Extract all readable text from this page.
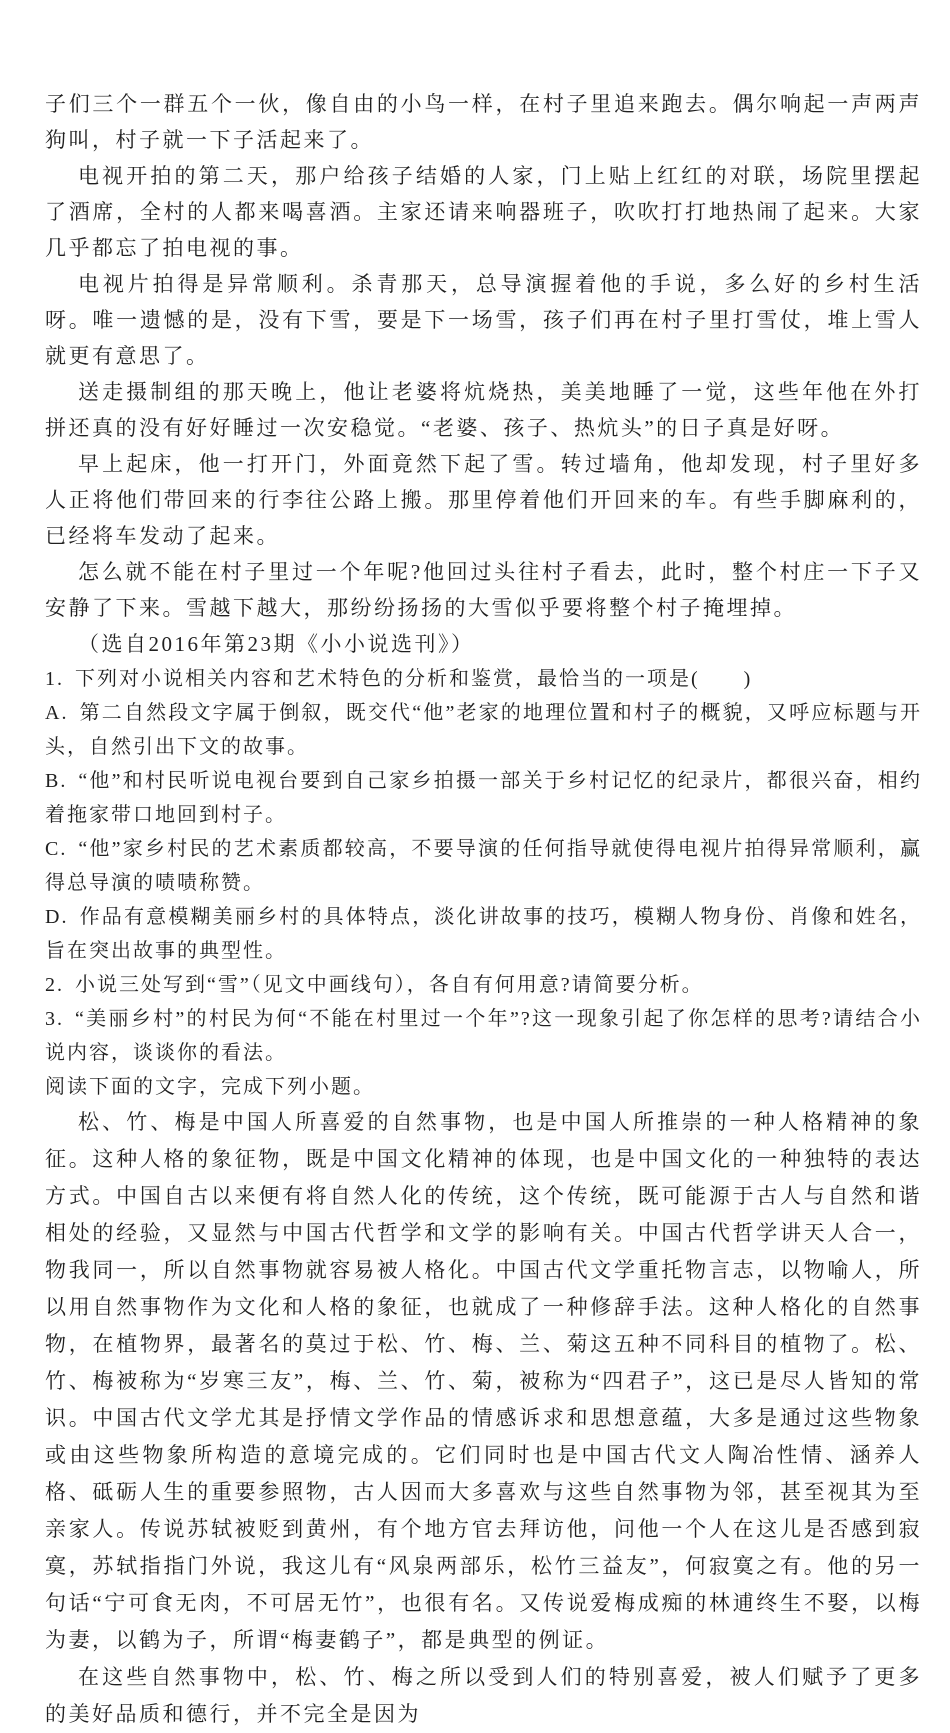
子们三个一群五个一伙，像自由的小鸟一样，在村子里追来跑去。偶尔响起一声两声狗叫，村子就一下子活起来了。

电视开拍的第二天，那户给孩子结婚的人家，门上贴上红红的对联，场院里摆起了酒席，全村的人都来喝喜酒。主家还请来响器班子，吹吹打打地热闹了起来。大家几乎都忘了拍电视的事。

电视片拍得是异常顺利。杀青那天，总导演握着他的手说，多么好的乡村生活呀。唯一遗憾的是，没有下雪，要是下一场雪，孩子们再在村子里打雪仗，堆上雪人就更有意思了。

送走摄制组的那天晚上，他让老婆将炕烧热，美美地睡了一觉，这些年他在外打拼还真的没有好好睡过一次安稳觉。“老婆、孩子、热炕头”的日子真是好呀。

早上起床，他一打开门，外面竟然下起了雪。转过墙角，他却发现，村子里好多人正将他们带回来的行李往公路上搬。那里停着他们开回来的车。有些手脚麻利的，已经将车发动了起来。

怎么就不能在村子里过一个年呢?他回过头往村子看去，此时，整个村庄一下子又安静了下来。雪越下越大，那纷纷扬扬的大雪似乎要将整个村子掩埋掉。

（选自2016年第23期《小小说选刊》）

1. 下列对小说相关内容和艺术特色的分析和鉴赏，最恰当的一项是(　　)

A. 第二自然段文字属于倒叙，既交代“他”老家的地理位置和村子的概貌，又呼应标题与开头，自然引出下文的故事。

B. “他”和村民听说电视台要到自己家乡拍摄一部关于乡村记忆的纪录片，都很兴奋，相约着拖家带口地回到村子。

C. “他”家乡村民的艺术素质都较高，不要导演的任何指导就使得电视片拍得异常顺利，赢得总导演的啧啧称赞。

D. 作品有意模糊美丽乡村的具体特点，淡化讲故事的技巧，模糊人物身份、肖像和姓名，旨在突出故事的典型性。

2. 小说三处写到“雪”（见文中画线句），各自有何用意?请简要分析。

3. “美丽乡村”的村民为何“不能在村里过一个年”?这一现象引起了你怎样的思考?请结合小说内容，谈谈你的看法。

阅读下面的文字，完成下列小题。

松、竹、梅是中国人所喜爱的自然事物，也是中国人所推崇的一种人格精神的象征。这种人格的象征物，既是中国文化精神的体现，也是中国文化的一种独特的表达方式。中国自古以来便有将自然人化的传统，这个传统，既可能源于古人与自然和谐相处的经验，又显然与中国古代哲学和文学的影响有关。中国古代哲学讲天人合一，物我同一，所以自然事物就容易被人格化。中国古代文学重托物言志，以物喻人，所以用自然事物作为文化和人格的象征，也就成了一种修辞手法。这种人格化的自然事物，在植物界，最著名的莫过于松、竹、梅、兰、菊这五种不同科目的植物了。松、竹、梅被称为“岁寒三友”，梅、兰、竹、菊，被称为“四君子”，这已是尽人皆知的常识。中国古代文学尤其是抒情文学作品的情感诉求和思想意蕴，大多是通过这些物象或由这些物象所构造的意境完成的。它们同时也是中国古代文人陶冶性情、涵养人格、砥砺人生的重要参照物，古人因而大多喜欢与这些自然事物为邻，甚至视其为至亲家人。传说苏轼被贬到黄州，有个地方官去拜访他，问他一个人在这儿是否感到寂寞，苏轼指指门外说，我这儿有“风泉两部乐，松竹三益友”，何寂寞之有。他的另一句话“宁可食无肉，不可居无竹”，也很有名。又传说爱梅成痴的林逋终生不娶，以梅为妻，以鹤为子，所谓“梅妻鹤子”，都是典型的例证。

在这些自然事物中，松、竹、梅之所以受到人们的特别喜爱，被人们赋予了更多的美好品质和德行，并不完全是因为
